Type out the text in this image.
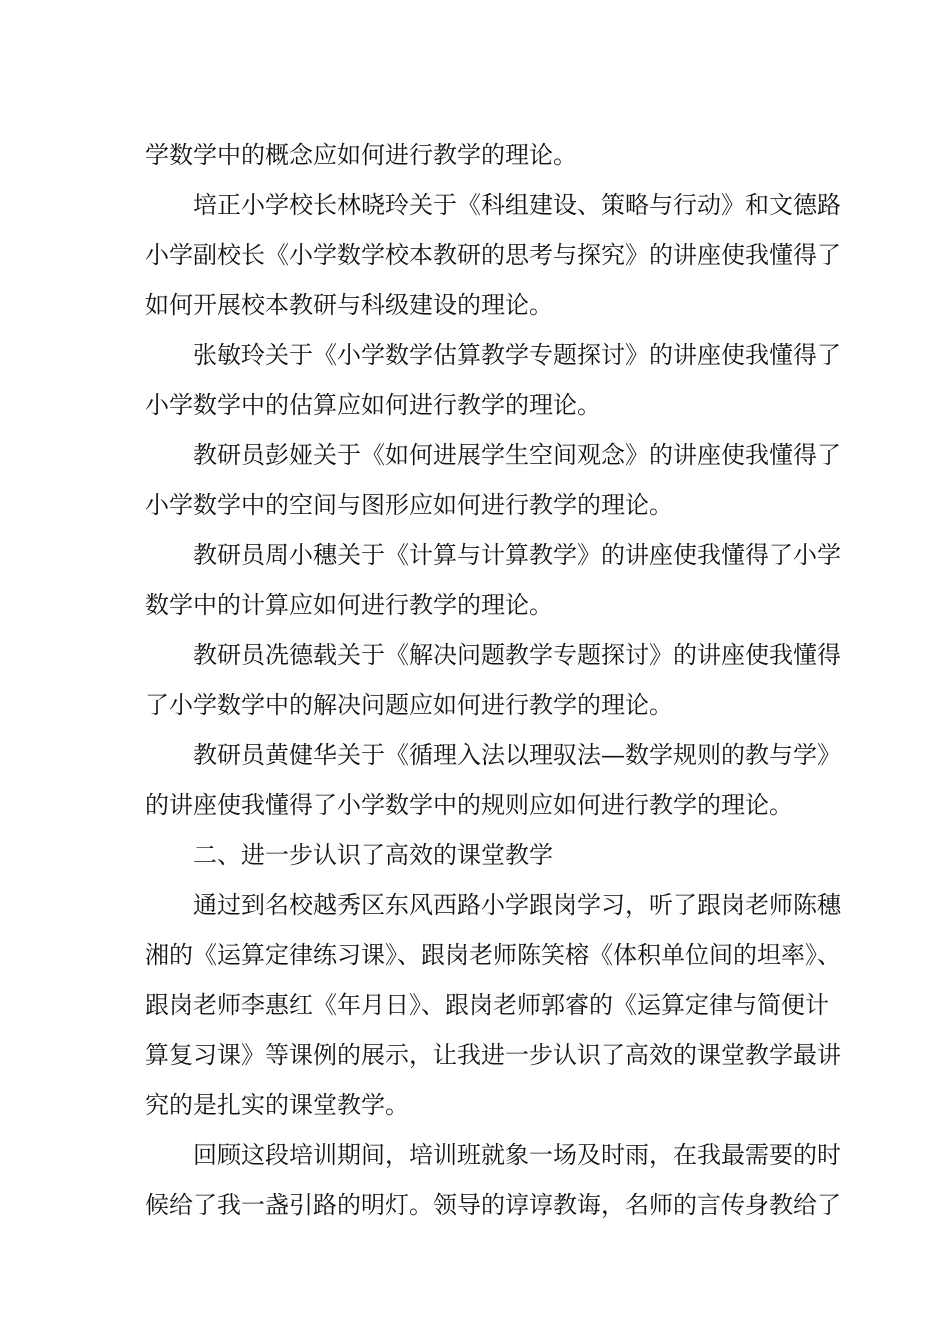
学数学中的概念应如何进行教学的理论。
培正小学校长林晓玲关于《科组建设、策略与行动》和文德路
小学副校长《小学数学校本教研的思考与探究》的讲座使我懂得了
如何开展校本教研与科级建设的理论。
张敏玲关于《小学数学估算教学专题探讨》的讲座使我懂得了
小学数学中的估算应如何进行教学的理论。
教研员彭娅关于《如何进展学生空间观念》的讲座使我懂得了
小学数学中的空间与图形应如何进行教学的理论。
教研员周小穗关于《计算与计算教学》的讲座使我懂得了小学
数学中的计算应如何进行教学的理论。
教研员冼德载关于《解决问题教学专题探讨》的讲座使我懂得
了小学数学中的解决问题应如何进行教学的理论。
教研员黄健华关于《循理入法以理驭法—数学规则的教与学》
的讲座使我懂得了小学数学中的规则应如何进行教学的理论。
二、进一步认识了高效的课堂教学
通过到名校越秀区东风西路小学跟岗学习，听了跟岗老师陈穗
湘的《运算定律练习课》、跟岗老师陈笑榕《体积单位间的坦率》、
跟岗老师李惠红《年月日》、跟岗老师郭睿的《运算定律与简便计
算复习课》等课例的展示，让我进一步认识了高效的课堂教学最讲
究的是扎实的课堂教学。
回顾这段培训期间，培训班就象一场及时雨，在我最需要的时
候给了我一盏引路的明灯。领导的谆谆教诲，名师的言传身教给了
